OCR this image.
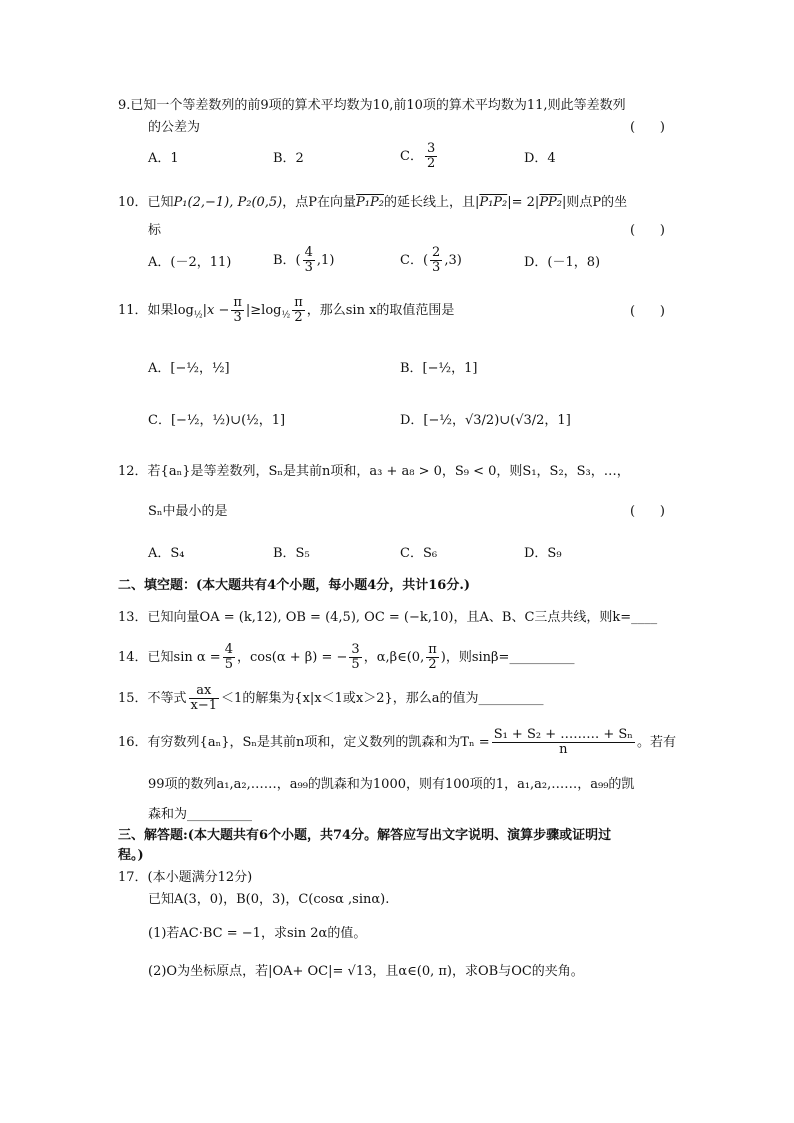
9.已知一个等差数列的前9项的算术平均数为10,前10项的算术平均数为11,则此等差数列
的公差为	(      )
A．1	B．2	C． $\frac{3}{2}$	D．4
10．已知P₁(2,−1), P₂(0,5)，点P在向量P₁P₂的延长线上，且|P₁P₂|= 2|PP₂|则点P的坐
标	(      )
A．(－2，11)	B．( $\frac{4}{3} ,1$)	C．( $\frac{2}{3} ,3$)	D．(－1，8)
11．如果$\log_{\frac{1}{2}}|x - \frac{\pi}{3} |\ge\log_{\frac{1}{2}} \frac{\pi}{2}$ ，那么sin x的取值范围是	(      )
A．[−½，½]	B．[−½，1]
C．[−½，½)∪(½，1]	D．[−½，√3/2)∪(√3/2，1]
12．若{aₙ}是等差数列，Sₙ是其前n项和，a₃ + a₈ > 0，S₉ < 0，则S₁，S₂，S₃，…，
Sₙ中最小的是	(      )
A．S₄	B．S₅	C．S₆	D．S₉
二、填空题：(本大题共有4个小题，每小题4分，共计16分.)
13．已知向量OA = (k,12), OB = (4,5), OC = (−k,10)，且A、B、C三点共线，则k=____
14．已知$\sin \alpha = \frac{4}{5}$ ，cos(α + β) = − $\frac{3}{5}$ ，α,β∈(0, $\frac{\pi}{2}$ )，则sinβ=__________
15．不等式 $\frac{ax}{x-1} <1$的解集为{x|x＜1或x＞2}，那么a的值为__________
16．有穷数列{aₙ}，Sₙ是其前n项和，定义数列的凯森和为$T_n = \frac{\text{S₁ + S₂ + ……… + Sₙ}}{n}$ 。若有
99项的数列a₁,a₂,……，a₉₉的凯森和为1000，则有100项的1，a₁,a₂,……，a₉₉的凯
森和为__________
三、解答题:(本大题共有6个小题，共74分。解答应写出文字说明、演算步骤或证明过
程。)
17．(本小题满分12分)
已知A(3，0)，B(0，3)，C(cosα ,sinα).
(1)若AC·BC = −1，求sin 2α的值。
(2)O为坐标原点，若|OA+ OC|= √13，且α∈(0, π)，求OB与OC的夹角。
